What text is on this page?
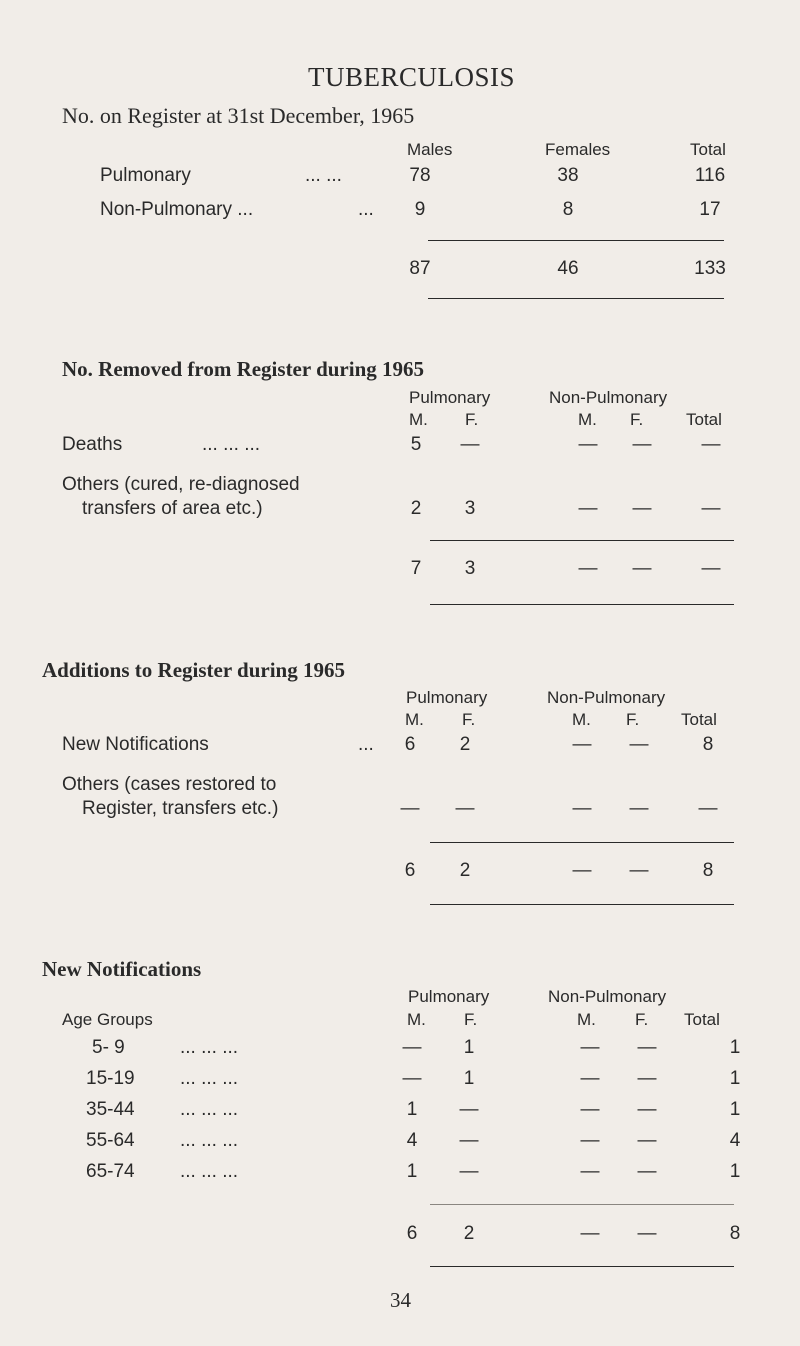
TUBERCULOSIS
No. on Register at 31st December, 1965
Males	Females	Total
Pulmonary	... ...	78	38	116
Non-Pulmonary ...	...	9	8	17
87	46	133
No. Removed from Register during 1965
Pulmonary	Non-Pulmonary
M. F.	M. F.	Total
Deaths	... ... ...	5	—	— —	—
Others (cured, re-diagnosed
transfers of area etc.)	2	3	— —	—
7	3	— —	—
Additions to Register during 1965
Pulmonary	Non-Pulmonary
M. F.	M. F. Total
New Notifications	...	6	2	— —	8
Others (cases restored to
Register, transfers etc.)	— —	— —	—
6	2	— —	8
New Notifications
Pulmonary	Non-Pulmonary
Age Groups	M. F.	M. F. Total
5- 9	... ... ...	—	1	— —	1
15-19 ... ... ...	—	1	— —	1
35-44 ... ... ...	1	—	— —	1
55-64 ... ... ...	4	—	— —	4
65-74 ... ... ...	1	—	— —	1
6	2	— —	8
34
